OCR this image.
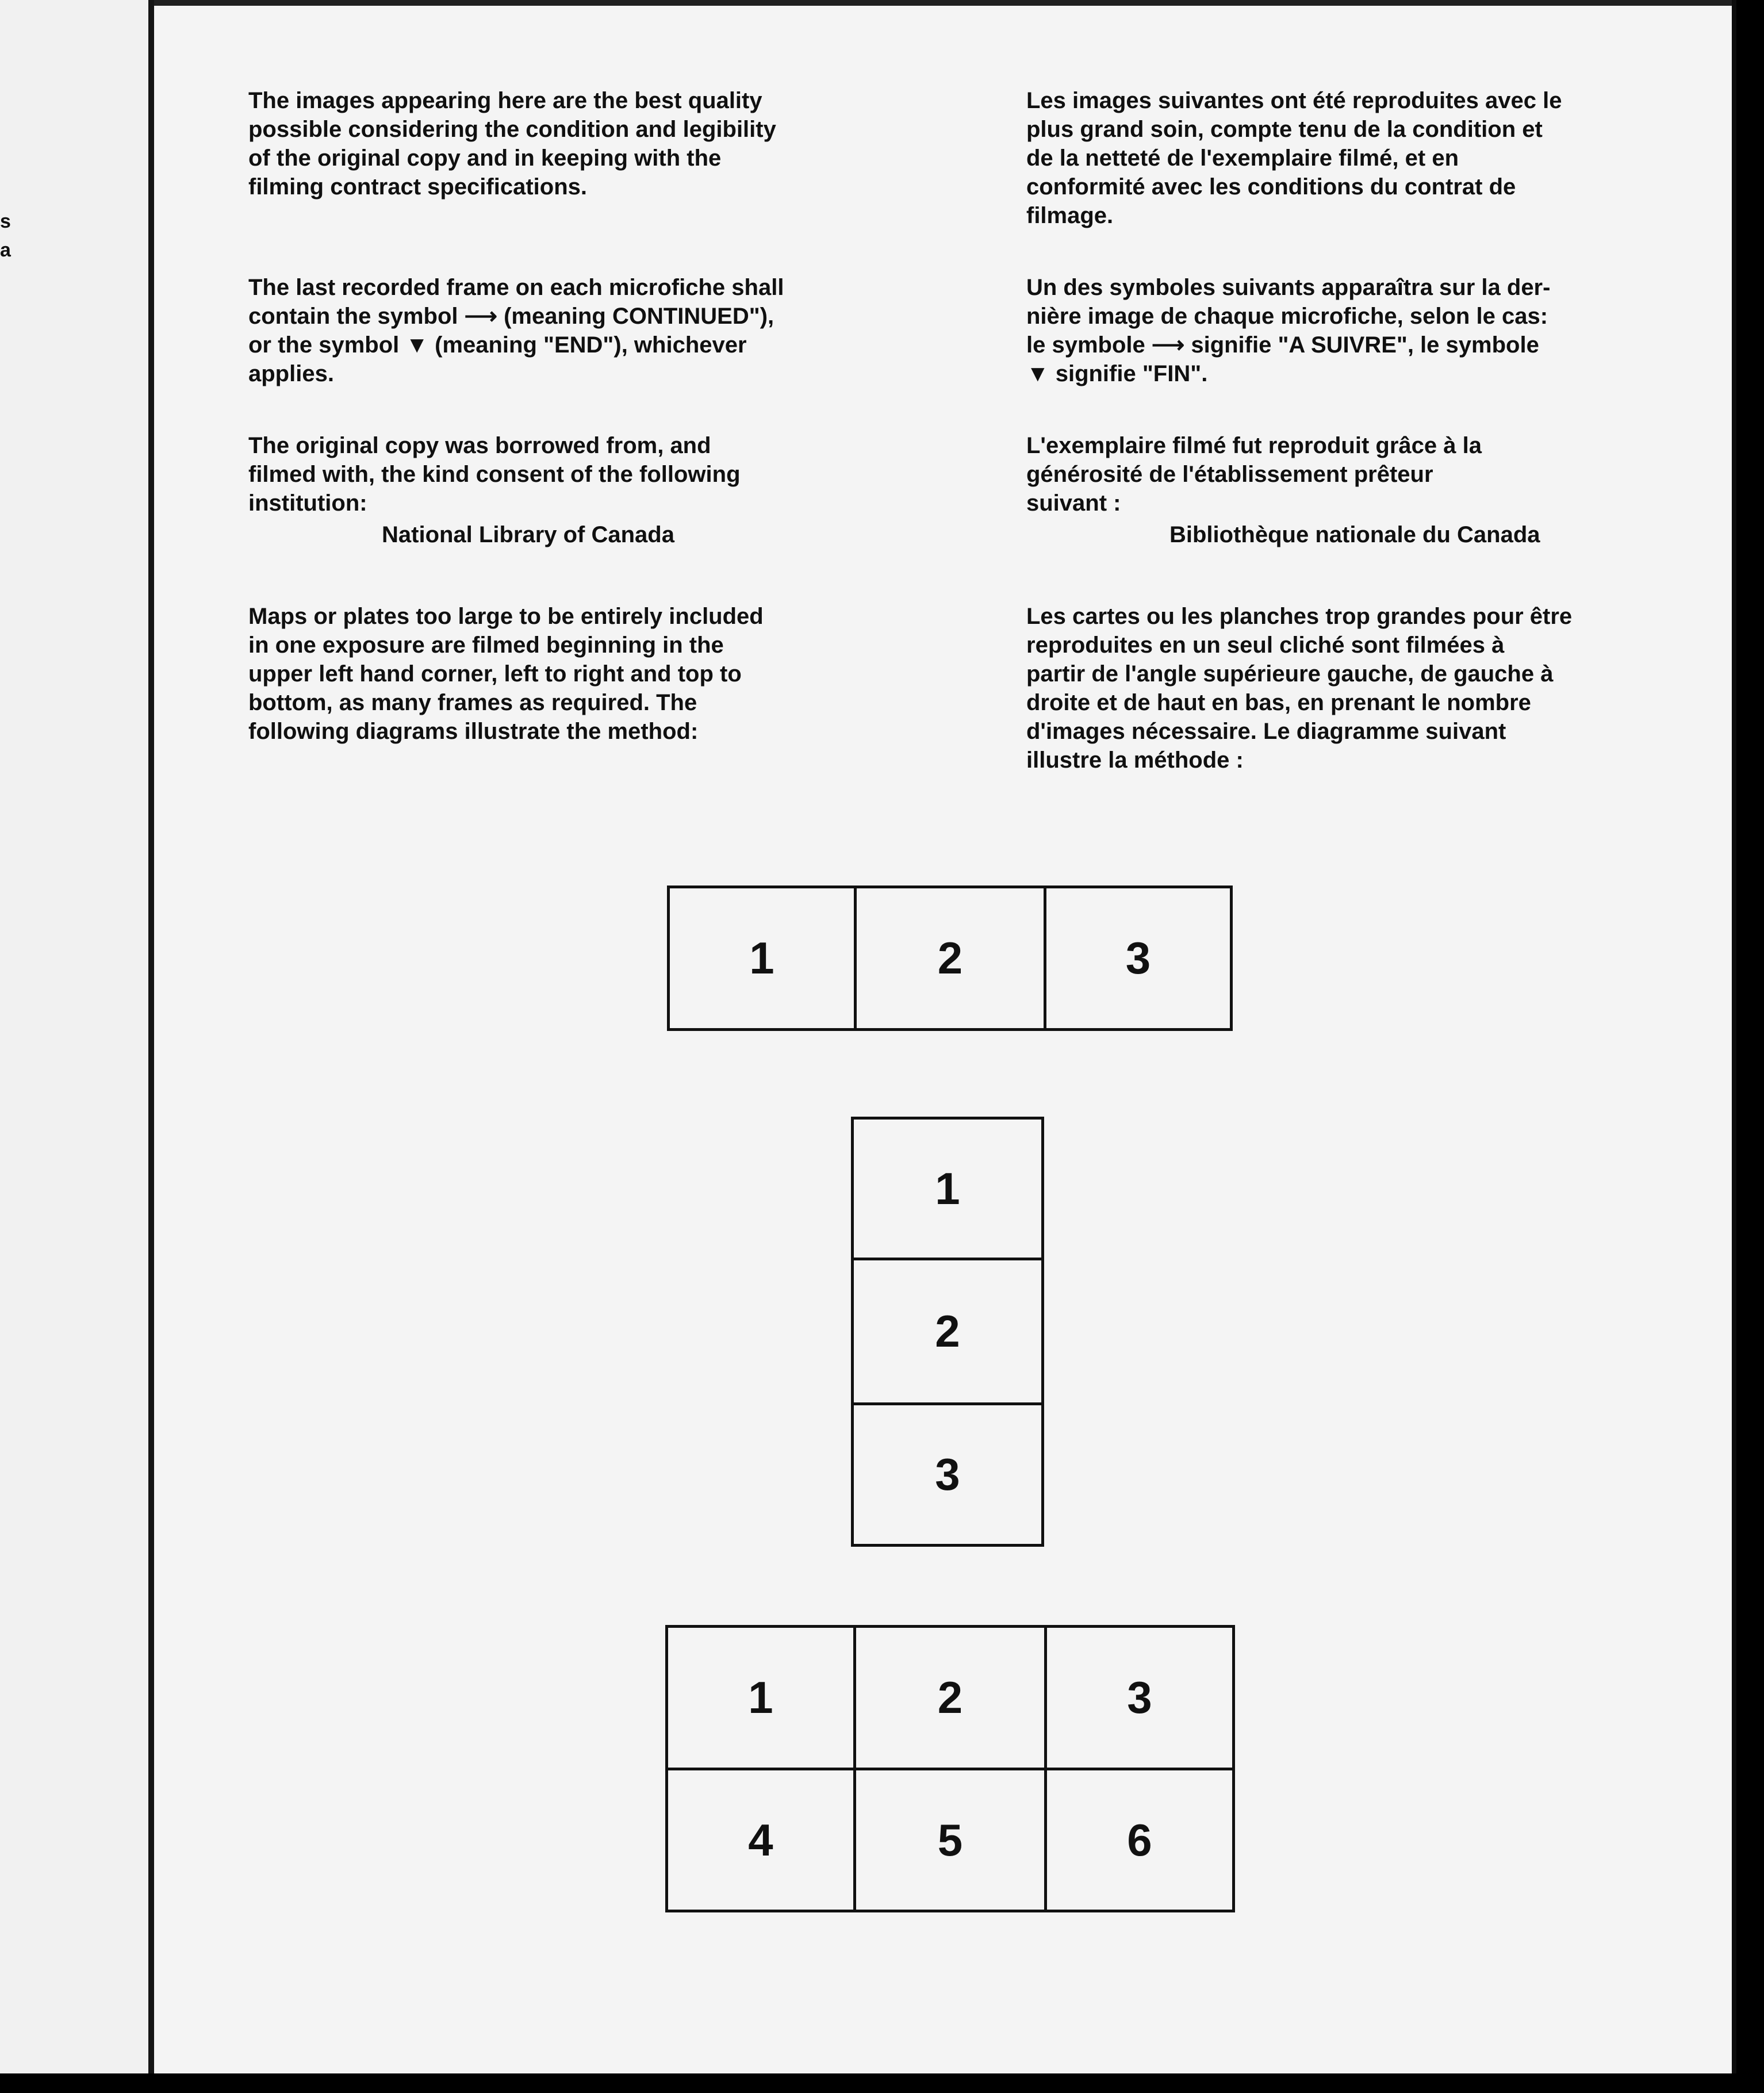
s
a

The images appearing here are the best quality
possible considering the condition and legibility
of the original copy and in keeping with the
filming contract specifications.

The last recorded frame on each microfiche shall
contain the symbol ⟶ (meaning CONTINUED"),
or the symbol ▼ (meaning "END"), whichever
applies.

The original copy was borrowed from, and
filmed with, the kind consent of the following
institution:

National Library of Canada

Maps or plates too large to be entirely included
in one exposure are filmed beginning in the
upper left hand corner, left to right and top to
bottom, as many frames as required. The
following diagrams illustrate the method:

Les images suivantes ont été reproduites avec le
plus grand soin, compte tenu de la condition et
de la netteté de l'exemplaire filmé, et en
conformité avec les conditions du contrat de
filmage.

Un des symboles suivants apparaîtra sur la der-
nière image de chaque microfiche, selon le cas:
le symbole ⟶ signifie "A SUIVRE", le symbole
▼ signifie "FIN".

L'exemplaire filmé fut reproduit grâce à la
générosité de l'établissement prêteur
suivant :

Bibliothèque nationale du Canada

Les cartes ou les planches trop grandes pour être
reproduites en un seul cliché sont filmées à
partir de l'angle supérieure gauche, de gauche à
droite et de haut en bas, en prenant le nombre
d'images nécessaire. Le diagramme suivant
illustre la méthode :

1	2	3
1
2
3
1	2	3
4	5	6
